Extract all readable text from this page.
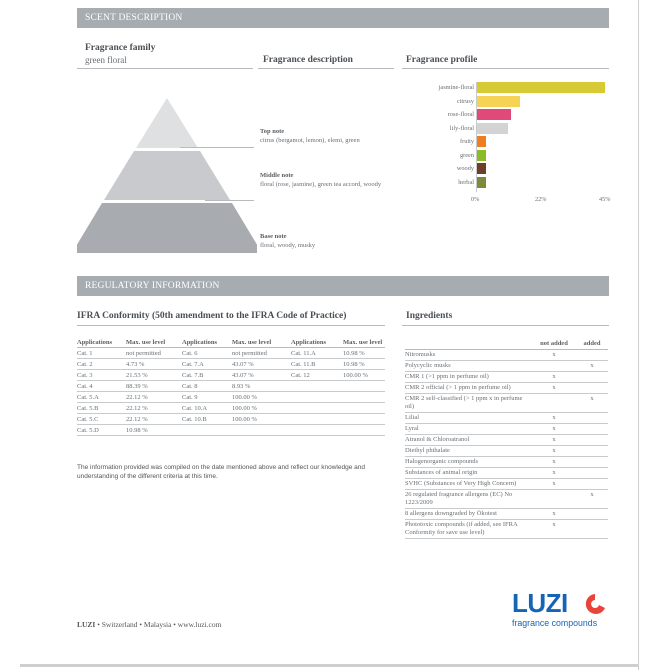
SCENT DESCRIPTION
Fragrance family
green floral	Fragrance description	Fragrance profile
Top note
citrus (bergamot, lemon), elemi, green
Middle note
floral (rose, jasmine), green tea accord, woody
Base note
floral, woody, musky
jasmine-floral
citrusy
rose-floral
lily-floral
fruity
green
woody
herbal
0%	22%	45%
REGULATORY INFORMATION
IFRA Conformity (50th amendment to the IFRA Code of Practice)	Ingredients
Applications	Max. use level	Applications	Max. use level	Applications	Max. use level
Cat. 1	not permitted	Cat. 6	not permitted	Cat. 11.A	10.98 %
Cat. 2	4.73 %	Cat. 7.A	43.07 %	Cat. 11.B	10.98 %
Cat. 3	21.53 %	Cat. 7.B	43.07 %	Cat. 12	100.00 %
Cat. 4	88.39 %	Cat. 8	8.93 %		
Cat. 5.A	22.12 %	Cat. 9	100.00 %		
Cat. 5.B	22.12 %	Cat. 10.A	100.00 %		
Cat. 5.C	22.12 %	Cat. 10.B	100.00 %		
Cat. 5.D	10.98 %				
	not added	added
Nitromusks	x	
Polycyclic musks		x
CMR 1 (>1 ppm in perfume oil)	x	
CMR 2 official (> 1 ppm in perfume oil)	x	
CMR 2 self-classified (> 1 ppm x in perfume oil)		x
Lilial	x	
Lyral	x	
Atranol & Chloroatranol	x	
Diethyl phthalate	x	
Halogenorganic compounds	x	
Substances of animal origin	x	
SVHC (Substances of Very High Concern)	x	
26 regulated fragrance allergens (EC) No 1223/2009		x
8 allergens downgraded by Ökotest	x	
Phototoxic compounds (if added, see IFRA Conformity for save use level)	x	
The information provided was compiled on the date mentioned above and reflect our knowledge and understanding of the different criteria at this time.
LUZI • Switzerland • Malaysia • www.luzi.com
LUZI
fragrance compounds
